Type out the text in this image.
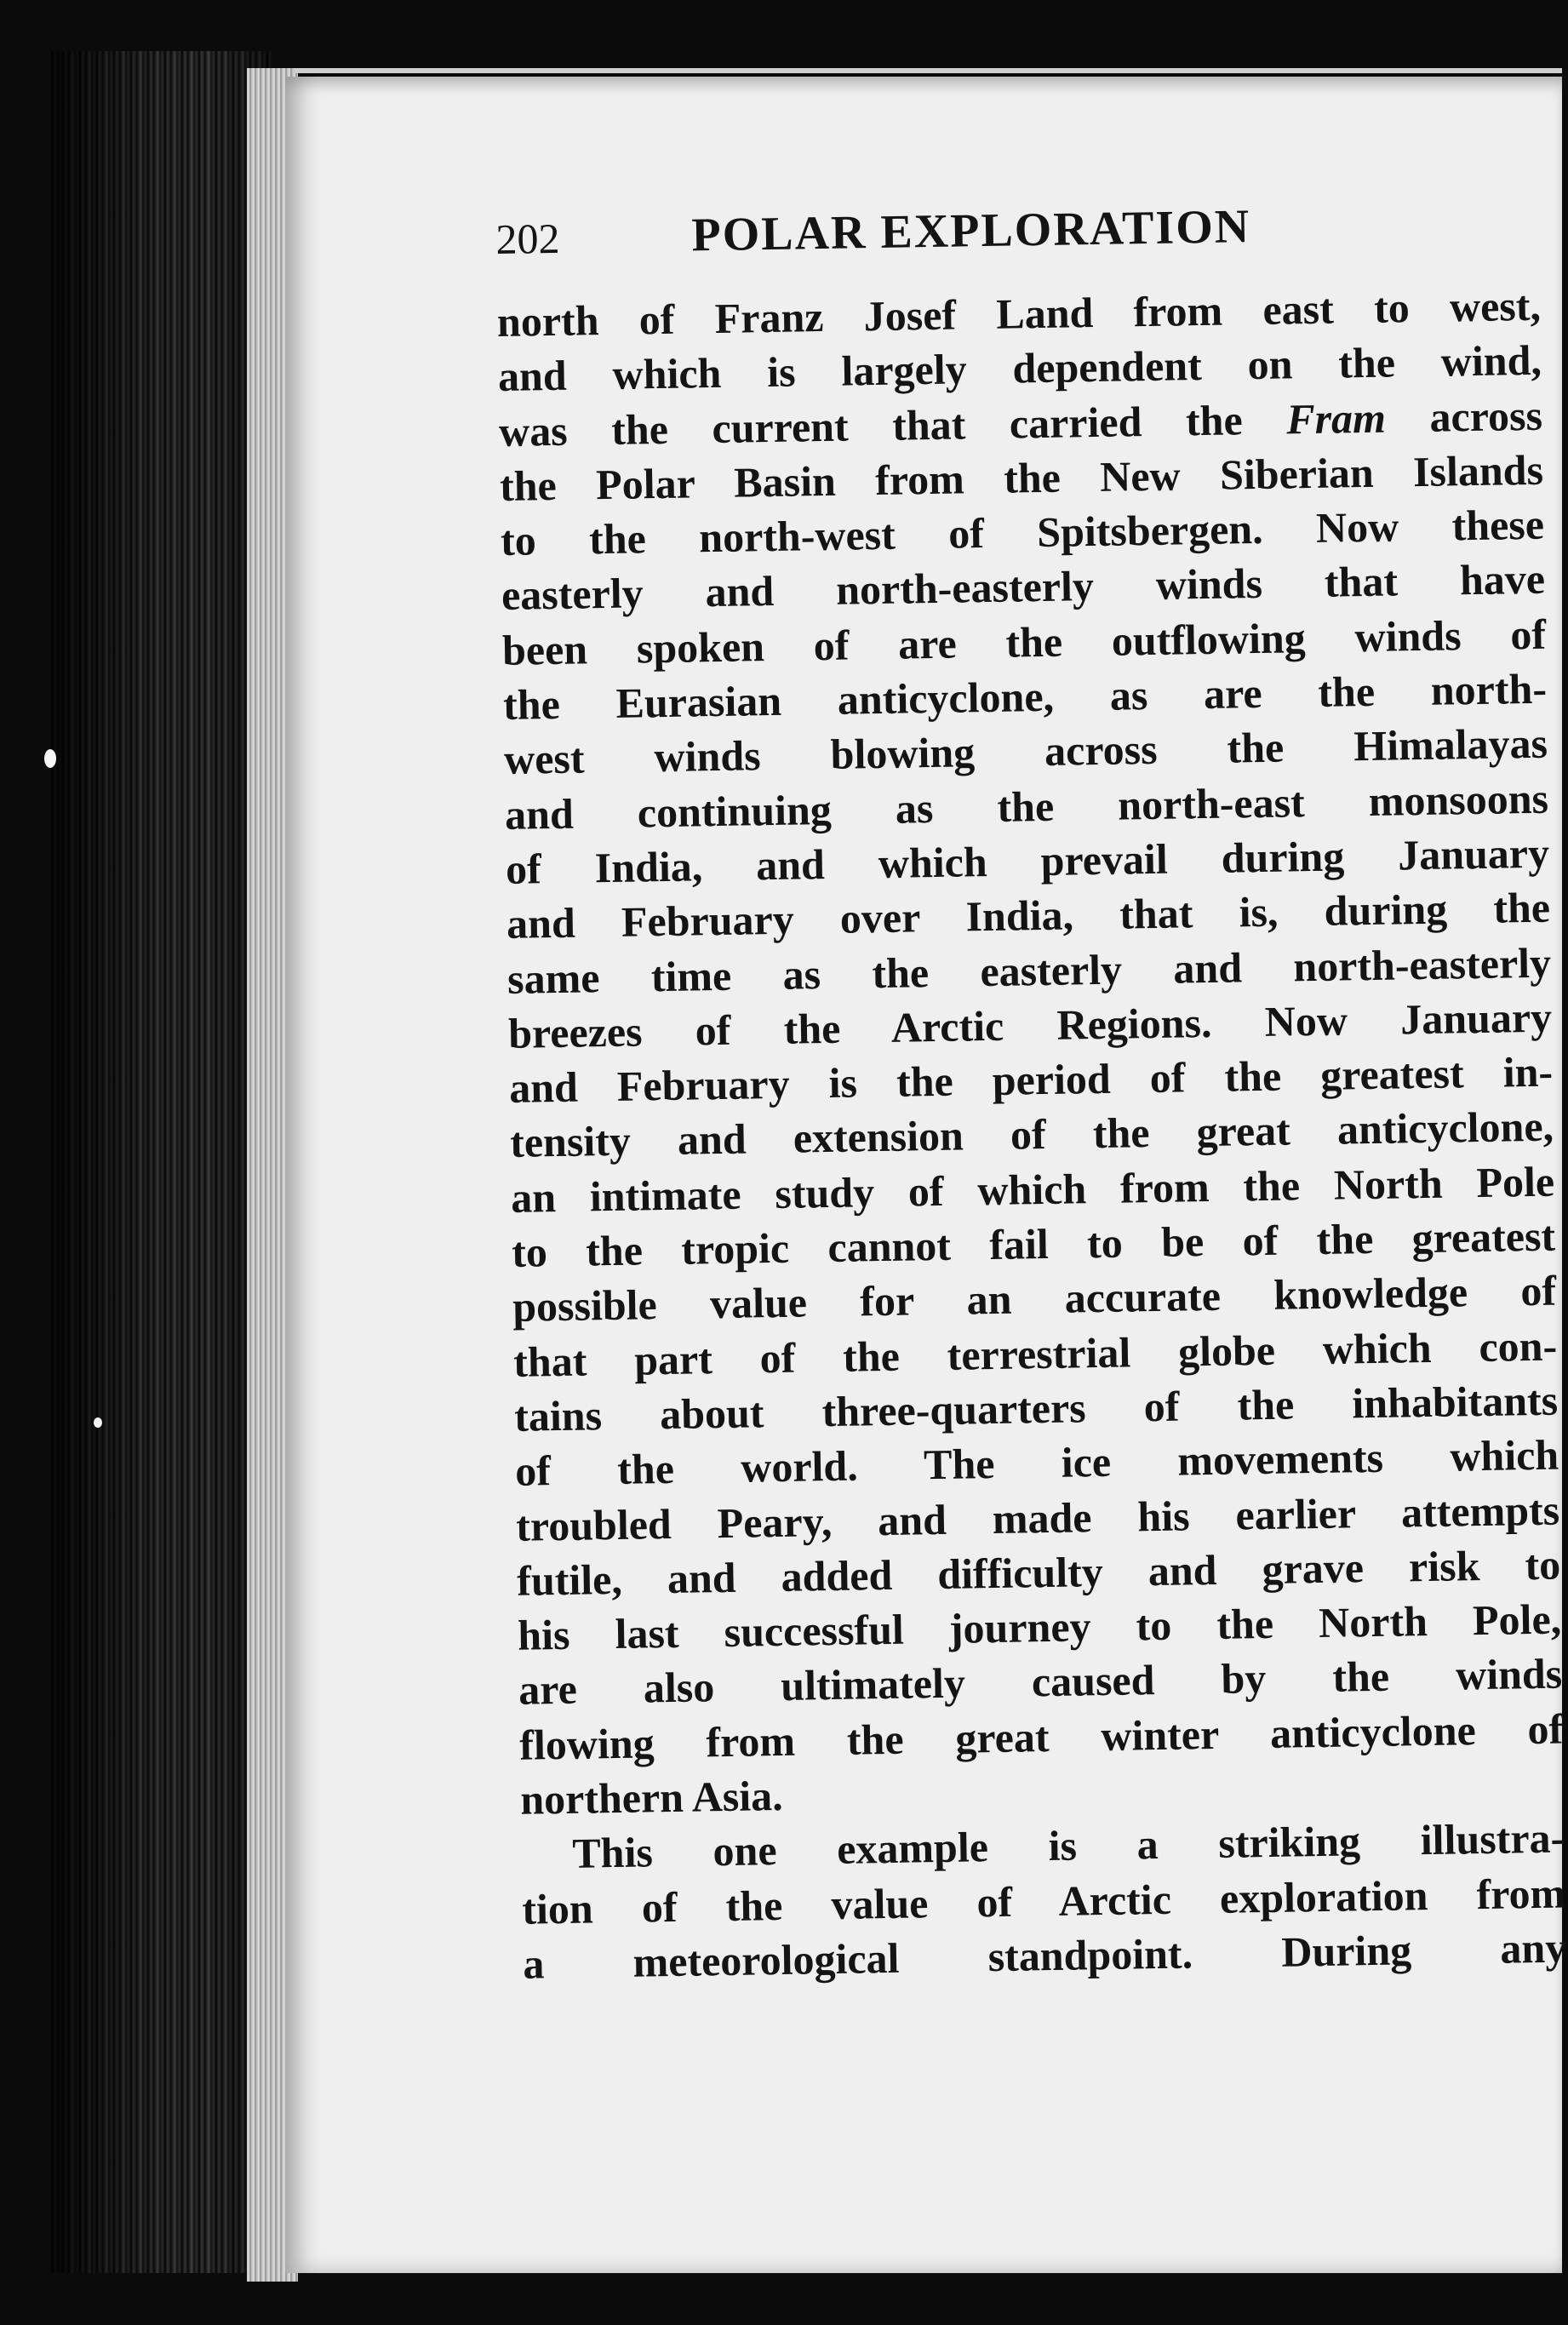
202	POLAR EXPLORATION
north of Franz Josef Land from east to west,
and which is largely dependent on the wind,
was the current that carried the Fram across
the Polar Basin from the New Siberian Islands
to the north-west of Spitsbergen. Now these
easterly and north-easterly winds that have
been spoken of are the outflowing winds of
the Eurasian anticyclone, as are the north-
west winds blowing across the Himalayas
and continuing as the north-east monsoons
of India, and which prevail during January
and February over India, that is, during the
same time as the easterly and north-easterly
breezes of the Arctic Regions. Now January
and February is the period of the greatest in-
tensity and extension of the great anticyclone,
an intimate study of which from the North Pole
to the tropic cannot fail to be of the greatest
possible value for an accurate knowledge of
that part of the terrestrial globe which con-
tains about three-quarters of the inhabitants
of the world. The ice movements which
troubled Peary, and made his earlier attempts
futile, and added difficulty and grave risk to
his last successful journey to the North Pole,
are also ultimately caused by the winds
flowing from the great winter anticyclone of
northern Asia.
This one example is a striking illustra-
tion of the value of Arctic exploration from
a meteorological standpoint. During any
